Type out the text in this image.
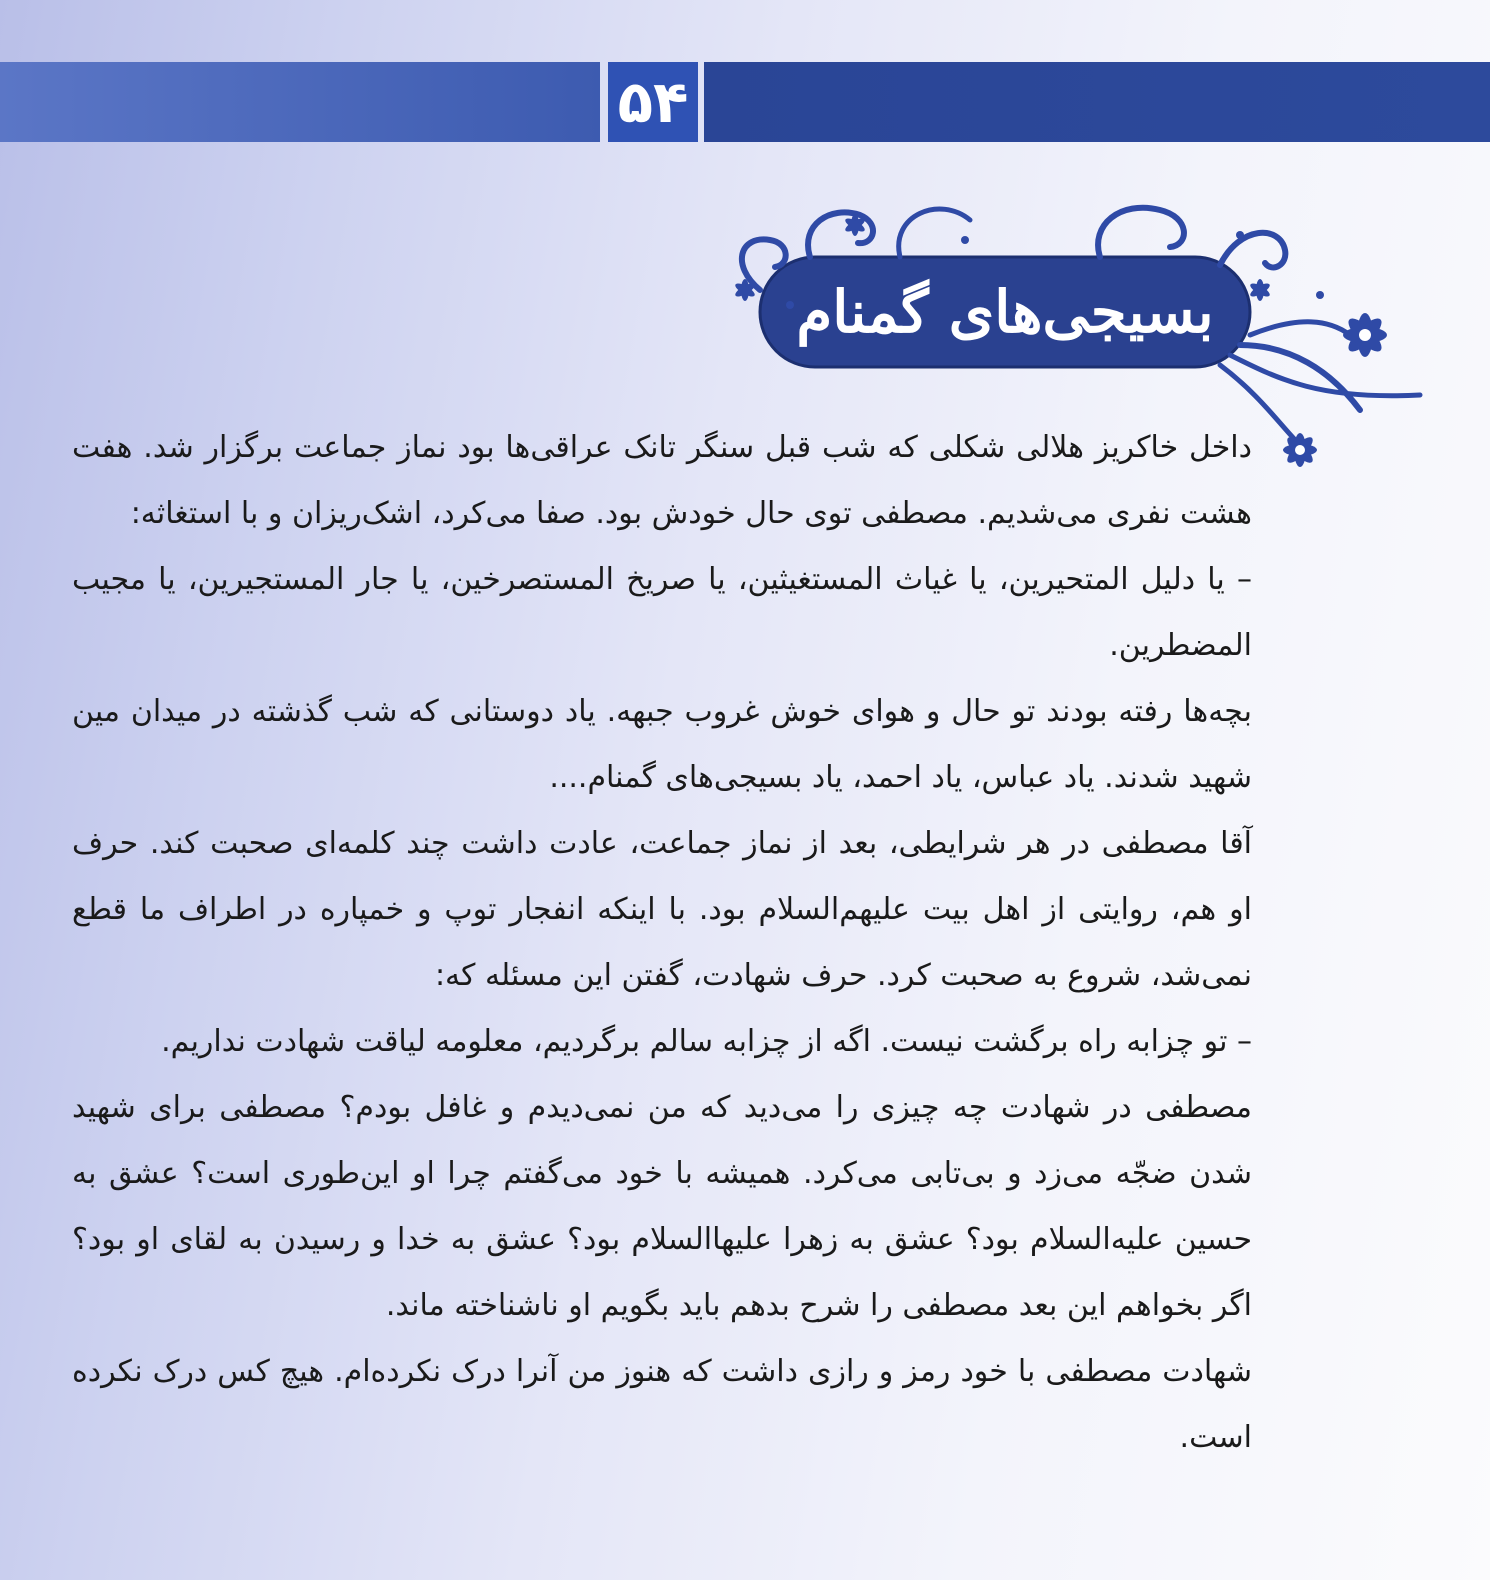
۵۴
بسیجی‌های گمنام

داخل خاکریز هلالی شکلی که شب قبل سنگر تانک عراقی‌ها بود نماز جماعت برگزار شد. هفت هشت نفری می‌شدیم. مصطفی توی حال خودش بود. صفا می‌کرد، اشک‌ریزان و با استغاثه:

– یا دلیل المتحیرین، یا غیاث المستغیثین، یا صریخ المستصرخین، یا جار المستجیرین، یا مجیب المضطرین.

بچه‌ها رفته بودند تو حال و هوای خوش غروب جبهه. یاد دوستانی که شب گذشته در میدان مین شهید شدند. یاد عباس، یاد احمد، یاد بسیجی‌های گمنام....

آقا مصطفی در هر شرایطی، بعد از نماز جماعت، عادت داشت چند کلمه‌ای صحبت کند. حرف او هم، روایتی از اهل بیت علیهم‌السلام بود. با اینکه انفجار توپ و خمپاره در اطراف ما قطع نمی‌شد، شروع به صحبت کرد. حرف شهادت، گفتن این مسئله که:

– تو چزابه راه برگشت نیست. اگه از چزابه سالم برگردیم، معلومه لیاقت شهادت نداریم.

مصطفی در شهادت چه چیزی را می‌دید که من نمی‌دیدم و غافل بودم؟ مصطفی برای شهید شدن ضجّه می‌زد و بی‌تابی می‌کرد. همیشه با خود می‌گفتم چرا او این‌طوری است؟ عشق به حسین علیه‌السلام بود؟ عشق به زهرا علیهاالسلام بود؟ عشق به خدا و رسیدن به لقای او بود؟ اگر بخواهم این بعد مصطفی را شرح بدهم باید بگویم او ناشناخته ماند.

شهادت مصطفی با خود رمز و رازی داشت که هنوز من آنرا درک نکرده‌ام. هیچ کس درک نکرده است.
